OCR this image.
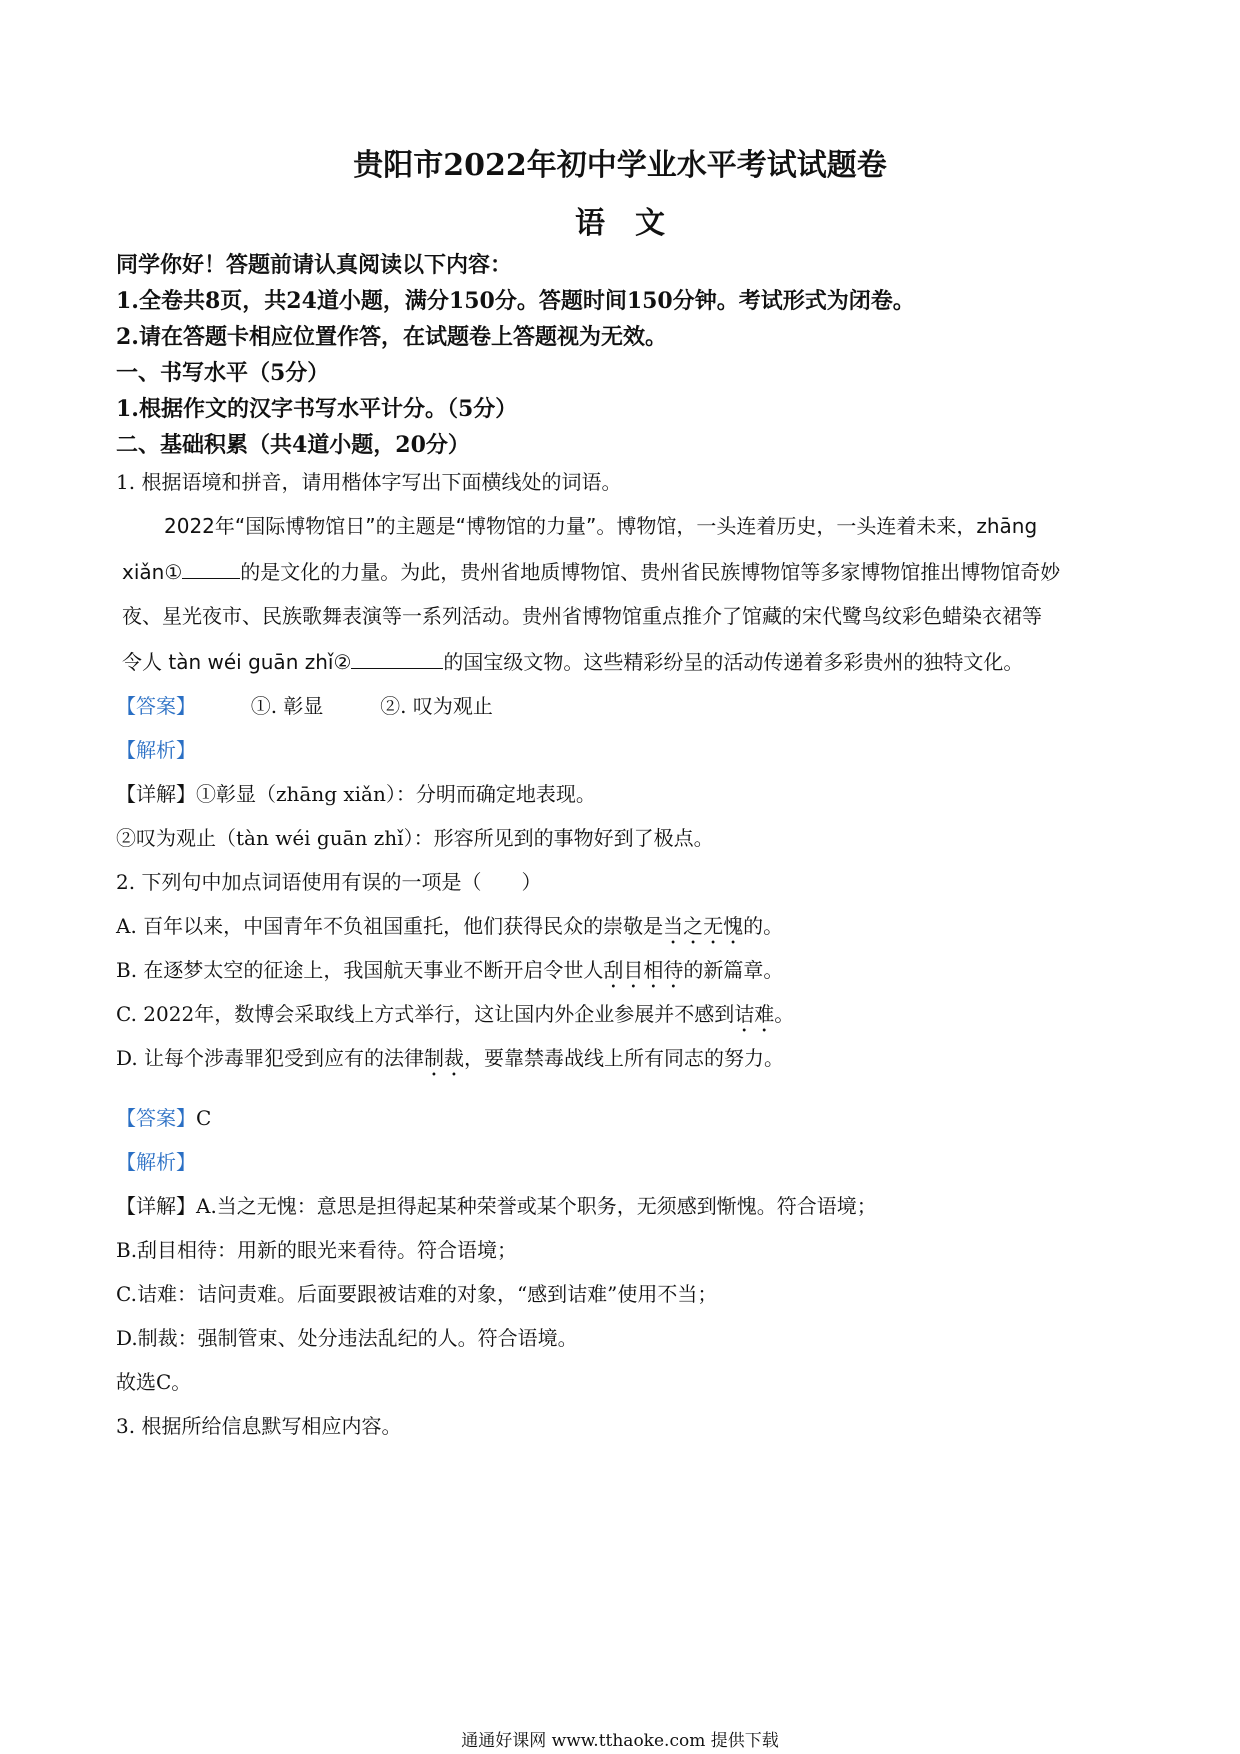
贵阳市2022年初中学业水平考试试题卷
语　文
同学你好！答题前请认真阅读以下内容：
1.全卷共8页，共24道小题，满分150分。答题时间150分钟。考试形式为闭卷。
2.请在答题卡相应位置作答，在试题卷上答题视为无效。
一、书写水平（5分）
1.根据作文的汉字书写水平计分。（5分）
二、基础积累（共4道小题，20分）
1. 根据语境和拼音，请用楷体字写出下面横线处的词语。
2022年“国际博物馆日”的主题是“博物馆的力量”。博物馆，一头连着历史，一头连着未来，zhāng
xiǎn①	的是文化的力量。为此，贵州省地质博物馆、贵州省民族博物馆等多家博物馆推出博物馆奇妙
夜、星光夜市、民族歌舞表演等一系列活动。贵州省博物馆重点推介了馆藏的宋代鹭鸟纹彩色蜡染衣裙等
令人 tàn wéi guān zhǐ②	的国宝级文物。这些精彩纷呈的活动传递着多彩贵州的独特文化。
【答案】	①. 彰显	②. 叹为观止
【解析】
【详解】①彰显（zhāng xiǎn）：分明而确定地表现。
②叹为观止（tàn wéi guān zhǐ）：形容所见到的事物好到了极点。
2. 下列句中加点词语使用有误的一项是（　　）
A. 百年以来，中国青年不负祖国重托，他们获得民众的崇敬是当之无愧的。
B. 在逐梦太空的征途上，我国航天事业不断开启令世人刮目相待的新篇章。
C. 2022年，数博会采取线上方式举行，这让国内外企业参展并不感到诘难。
D. 让每个涉毒罪犯受到应有的法律制裁，要靠禁毒战线上所有同志的努力。
【答案】C
【解析】
【详解】A.当之无愧：意思是担得起某种荣誉或某个职务，无须感到惭愧。符合语境；
B.刮目相待：用新的眼光来看待。符合语境；
C.诘难：诘问责难。后面要跟被诘难的对象，“感到诘难”使用不当；
D.制裁：强制管束、处分违法乱纪的人。符合语境。
故选C。
3. 根据所给信息默写相应内容。
通通好课网 www.tthaoke.com 提供下载
